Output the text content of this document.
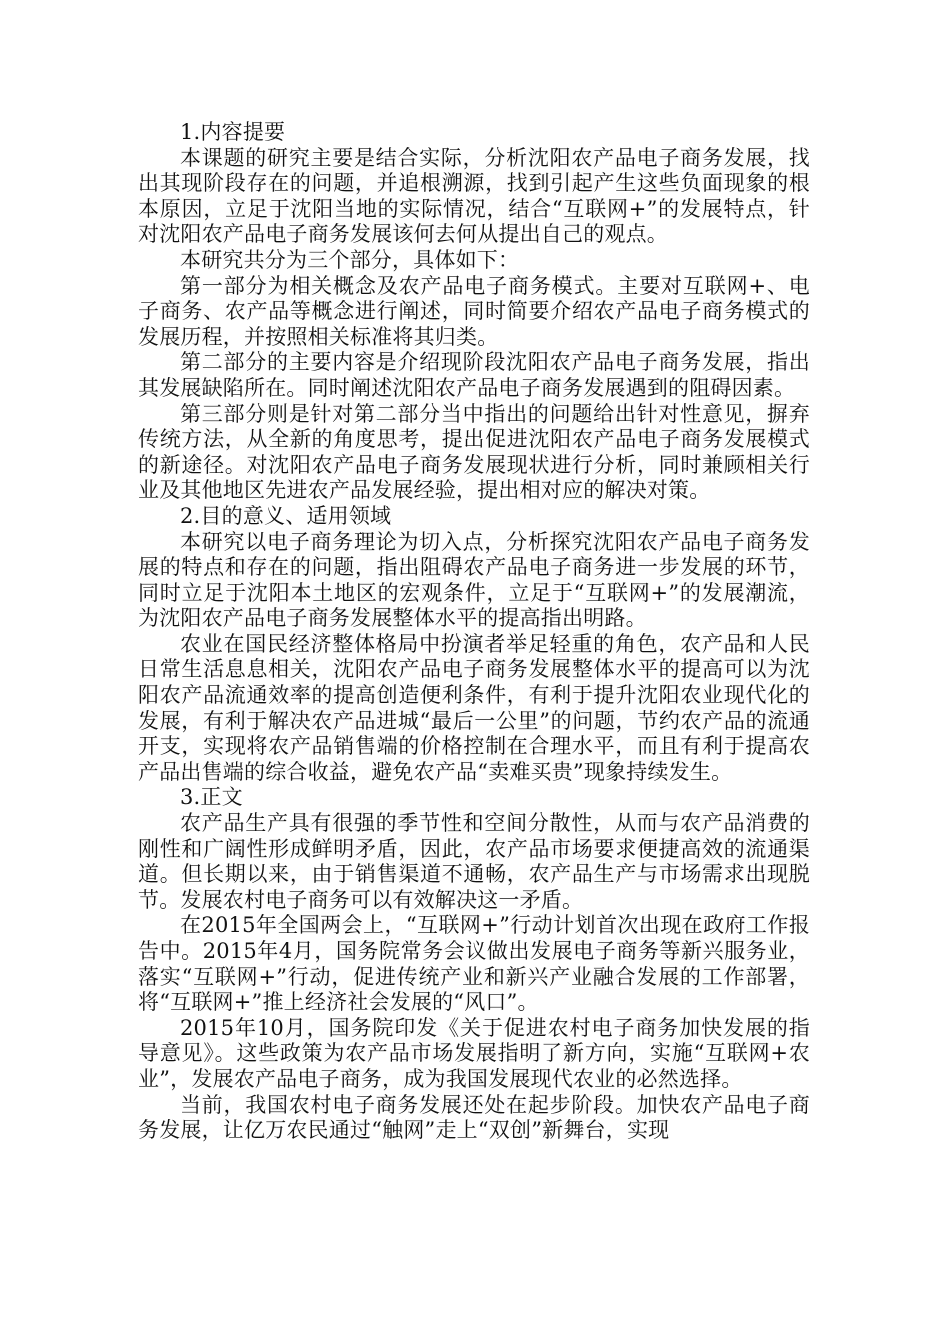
1.内容提要

本课题的研究主要是结合实际，分析沈阳农产品电子商务发展，找出其现阶段存在的问题，并追根溯源，找到引起产生这些负面现象的根本原因，立足于沈阳当地的实际情况，结合“互联网+”的发展特点，针对沈阳农产品电子商务发展该何去何从提出自己的观点。

本研究共分为三个部分，具体如下：

第一部分为相关概念及农产品电子商务模式。主要对互联网+、电子商务、农产品等概念进行阐述，同时简要介绍农产品电子商务模式的发展历程，并按照相关标准将其归类。

第二部分的主要内容是介绍现阶段沈阳农产品电子商务发展，指出其发展缺陷所在。同时阐述沈阳农产品电子商务发展遇到的阻碍因素。

第三部分则是针对第二部分当中指出的问题给出针对性意见，摒弃传统方法，从全新的角度思考，提出促进沈阳农产品电子商务发展模式的新途径。对沈阳农产品电子商务发展现状进行分析，同时兼顾相关行业及其他地区先进农产品发展经验，提出相对应的解决对策。

2.目的意义、适用领域

本研究以电子商务理论为切入点，分析探究沈阳农产品电子商务发展的特点和存在的问题，指出阻碍农产品电子商务进一步发展的环节，同时立足于沈阳本土地区的宏观条件，立足于“互联网+”的发展潮流，为沈阳农产品电子商务发展整体水平的提高指出明路。

农业在国民经济整体格局中扮演者举足轻重的角色，农产品和人民日常生活息息相关，沈阳农产品电子商务发展整体水平的提高可以为沈阳农产品流通效率的提高创造便利条件，有利于提升沈阳农业现代化的发展，有利于解决农产品进城“最后一公里”的问题，节约农产品的流通开支，实现将农产品销售端的价格控制在合理水平，而且有利于提高农产品出售端的综合收益，避免农产品“卖难买贵”现象持续发生。

3.正文

农产品生产具有很强的季节性和空间分散性，从而与农产品消费的刚性和广阔性形成鲜明矛盾，因此，农产品市场要求便捷高效的流通渠道。但长期以来，由于销售渠道不通畅，农产品生产与市场需求出现脱节。发展农村电子商务可以有效解决这一矛盾。

在2015年全国两会上，“互联网+”行动计划首次出现在政府工作报告中。2015年4月，国务院常务会议做出发展电子商务等新兴服务业，落实“互联网+”行动，促进传统产业和新兴产业融合发展的工作部署，将“互联网+”推上经济社会发展的“风口”。

2015年10月，国务院印发《关于促进农村电子商务加快发展的指导意见》。这些政策为农产品市场发展指明了新方向，实施“互联网+农业”，发展农产品电子商务，成为我国发展现代农业的必然选择。

当前，我国农村电子商务发展还处在起步阶段。加快农产品电子商务发展，让亿万农民通过“触网”走上“双创”新舞台，实现
